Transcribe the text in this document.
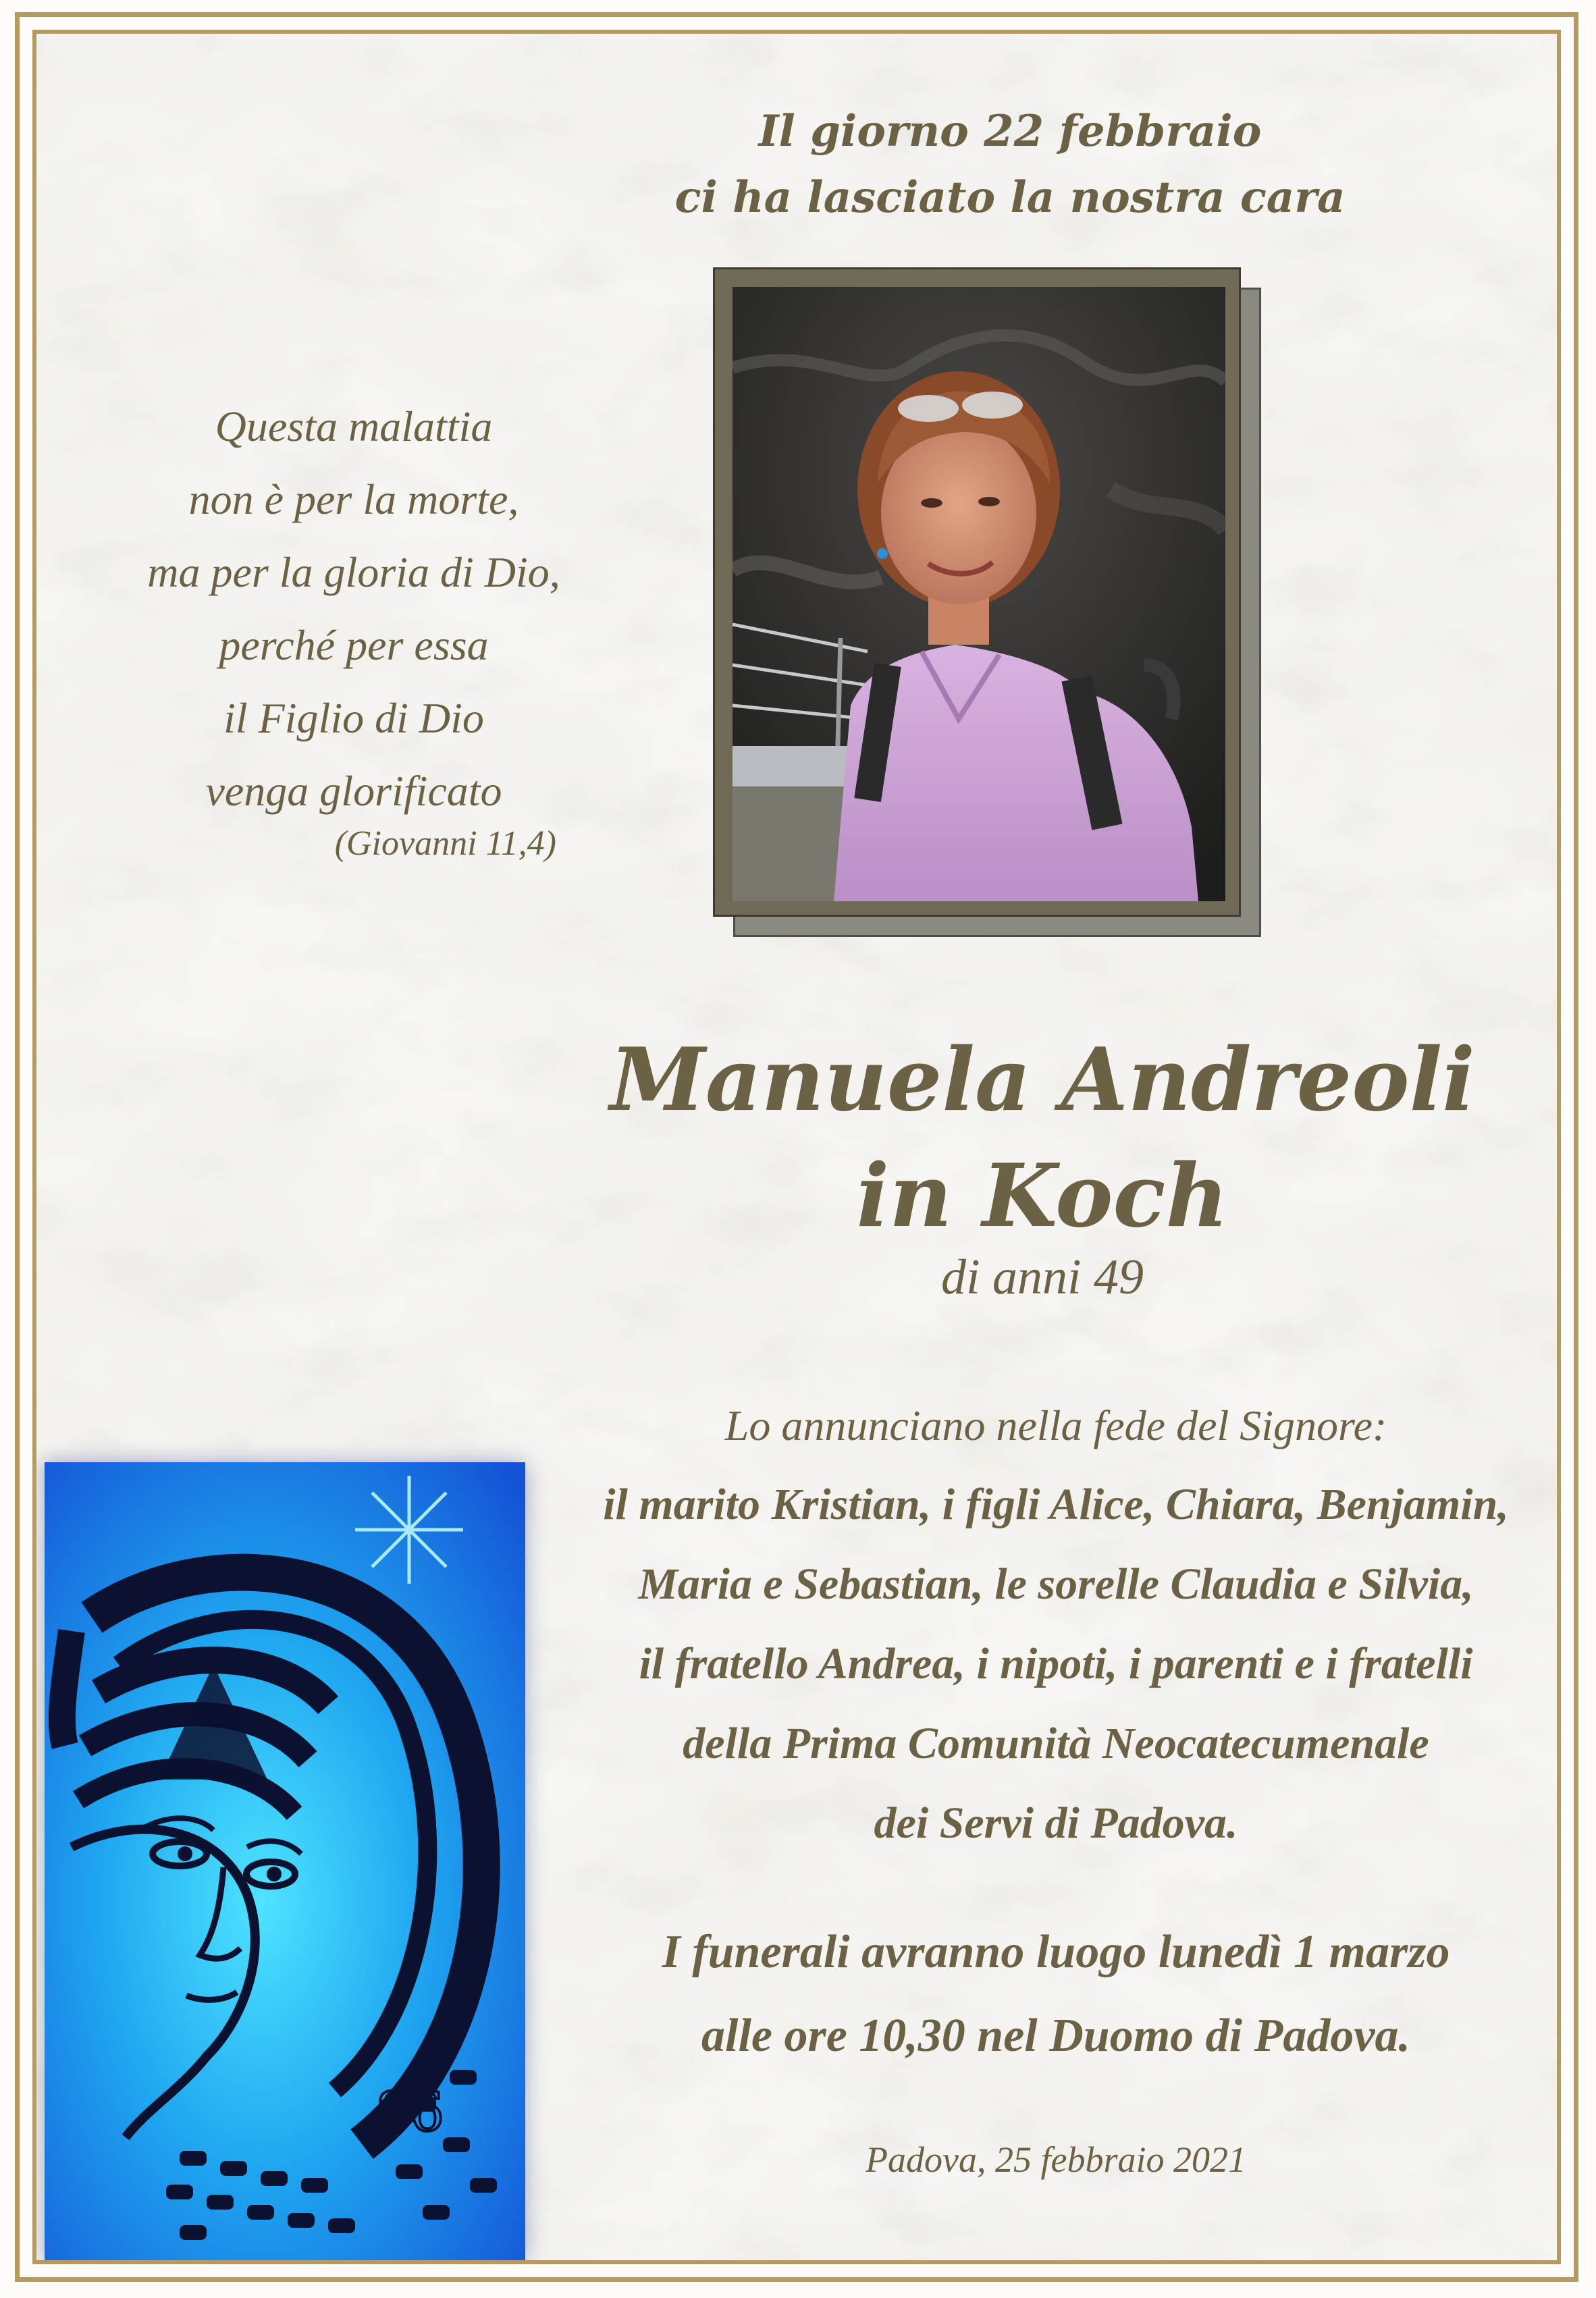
Il giorno 22 febbraio
ci ha lasciato la nostra cara
Questa malattia
non è per la morte,
ma per la gloria di Dio,
perché per essa
il Figlio di Dio
venga glorificato
(Giovanni 11,4)
Manuela Andreoli
in Koch
di anni 49
Lo annunciano nella fede del Signore:
il marito Kristian, i figli Alice, Chiara, Benjamin,
Maria e Sebastian, le sorelle Claudia e Silvia,
il fratello Andrea, i nipoti, i parenti e i fratelli
della Prima Comunità Neocatecumenale
dei Servi di Padova.
I funerali avranno luogo lunedì 1 marzo
alle ore 10,30 nel Duomo di Padova.
Padova, 25 febbraio 2021
86
